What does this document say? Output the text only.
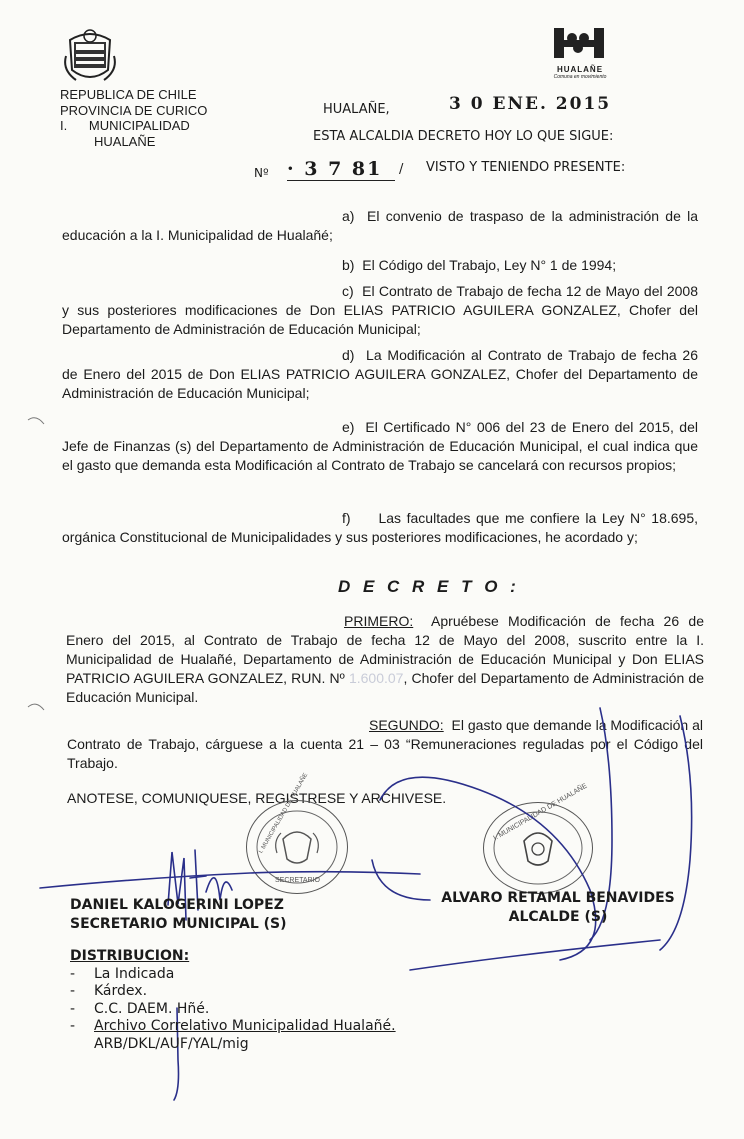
HUALAÑE
Comuna en movimiento
REPUBLICA DE CHILE
PROVINCIA DE CURICO
I.      MUNICIPALIDAD
HUALAÑE
HUALAÑE,	3 0 ENE. 2015
ESTA ALCALDIA DECRETO HOY LO QUE SIGUE:
Nº · 3 7 81	/ VISTO Y TENIENDO PRESENTE:
a) El convenio de traspaso de la administración de la educación a la I. Municipalidad de Hualañé;
b) El Código del Trabajo, Ley N° 1 de 1994;
c) El Contrato de Trabajo de fecha 12 de Mayo del 2008 y sus posteriores modificaciones de Don ELIAS PATRICIO AGUILERA GONZALEZ, Chofer del Departamento de Administración de Educación Municipal;
d) La Modificación al Contrato de Trabajo de fecha 26 de Enero del 2015 de Don ELIAS PATRICIO AGUILERA GONZALEZ, Chofer del Departamento de Administración de Educación Municipal;
e) El Certificado N° 006 del 23 de Enero del 2015, del Jefe de Finanzas (s) del Departamento de Administración de Educación Municipal, el cual indica que el gasto que demanda esta Modificación al Contrato de Trabajo se cancelará con recursos propios;
f) Las facultades que me confiere la Ley N° 18.695, orgánica Constitucional de Municipalidades y sus posteriores modificaciones, he acordado y;
D E C R E T O :
PRIMERO: Apruébese Modificación de fecha 26 de Enero del 2015, al Contrato de Trabajo de fecha 12 de Mayo del 2008, suscrito entre la I. Municipalidad de Hualañé, Departamento de Administración de Educación Municipal y Don ELIAS PATRICIO AGUILERA GONZALEZ, RUN. Nº 1.600.07, Chofer del Departamento de Administración de Educación Municipal.
SEGUNDO: El gasto que demande la Modificación al Contrato de Trabajo, cárguese a la cuenta 21 – 03 “Remuneraciones reguladas por el Código del Trabajo.
ANOTESE, COMUNIQUESE, REGISTRESE Y ARCHIVESE.
I. MUNICIPALIDAD DE HUALAÑE
SECRETARIO
I. MUNICIPALIDAD DE HUALAÑE
DANIEL KALOGERINI LOPEZ
SECRETARIO MUNICIPAL (S)
ALVARO RETAMAL BENAVIDES
ALCALDE (S)
DISTRIBUCION:
- La Indicada
- Kárdex.
- C.C. DAEM. Hñé.
- Archivo Correlativo Municipalidad Hualañé.
ARB/DKL/AUF/YAL/mig
